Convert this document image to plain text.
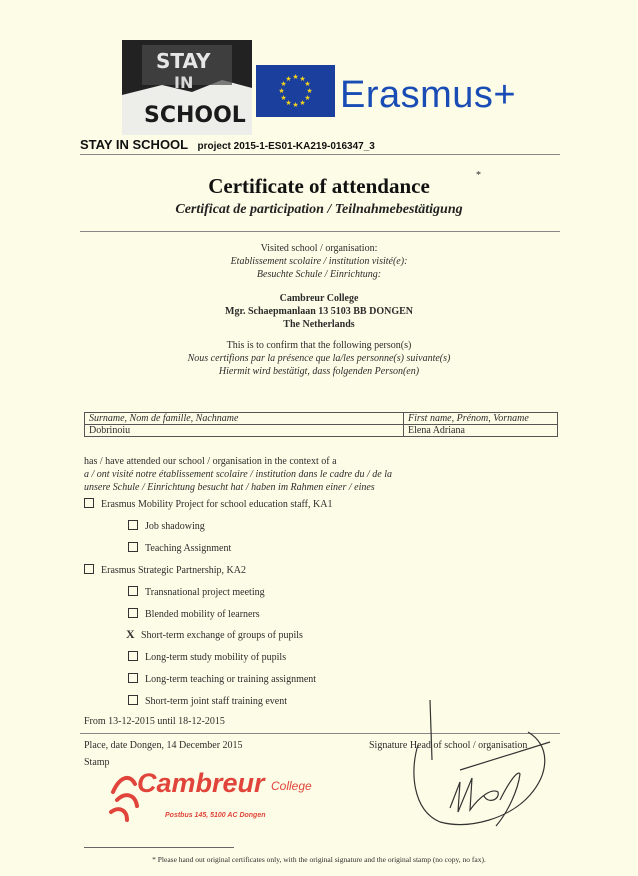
STAY
IN
SCHOOL
★ ★
★
★
★
★
★
★
★
★
★
★ Erasmus+
STAY IN SCHOOL project 2015-1-ES01-KA219-016347_3
Certificate of attendance	*
Certificat de participation / Teilnahmebestätigung
Visited school / organisation:
Etablissement scolaire / institution visité(e):
Besuchte Schule / Einrichtung:
Cambreur College
Mgr. Schaepmanlaan 13 5103 BB DONGEN
The Netherlands
This is to confirm that the following person(s)
Nous certifions par la présence que la/les personne(s) suivante(s)
Hiermit wird bestätigt, dass folgenden Person(en)
Surname, Nom de famille, Nachname	First name, Prénom, Vorname
Dobrinoiu	Elena Adriana
has / have attended our school / organisation in the context of a
a / ont visité notre établissement scolaire / institution dans le cadre du / de la
unsere Schule / Einrichtung besucht hat / haben im Rahmen einer / eines
Erasmus Mobility Project for school education staff, KA1
Job shadowing
Teaching Assignment
Erasmus Strategic Partnership, KA2
Transnational project meeting
Blended mobility of learners
X Short-term exchange of groups of pupils
Long-term study mobility of pupils
Long-term teaching or training assignment
Short-term joint staff training event
From 13-12-2015 until 18-12-2015
Place, date Dongen, 14 December 2015
Stamp
Signature Head of school / organisation
Cambreur College
Postbus 145, 5100 AC Dongen
* Please hand out original certificates only, with the original signature and the original stamp (no copy, no fax).
